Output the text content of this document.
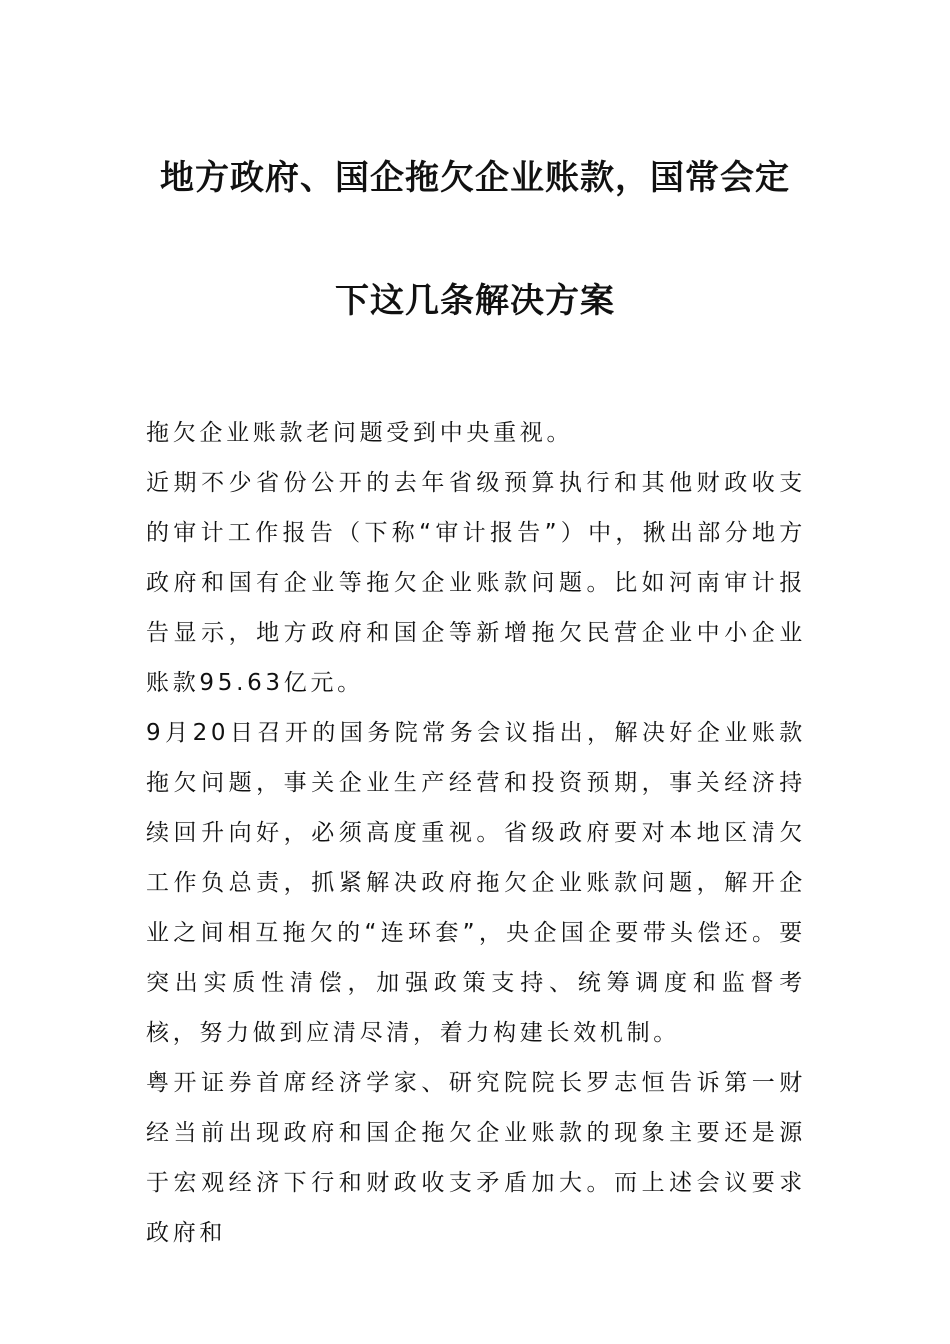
地方政府、国企拖欠企业账款，国常会定
下这几条解决方案

拖欠企业账款老问题受到中央重视。

近期不少省份公开的去年省级预算执行和其他财政收支的审计工作报告（下称“审计报告”）中，揪出部分地方政府和国有企业等拖欠企业账款问题。比如河南审计报告显示，地方政府和国企等新增拖欠民营企业中小企业账款95.63亿元。

9月20日召开的国务院常务会议指出，解决好企业账款拖欠问题，事关企业生产经营和投资预期，事关经济持续回升向好，必须高度重视。省级政府要对本地区清欠工作负总责，抓紧解决政府拖欠企业账款问题，解开企业之间相互拖欠的“连环套”，央企国企要带头偿还。要突出实质性清偿，加强政策支持、统筹调度和监督考核，努力做到应清尽清，着力构建长效机制。

粤开证券首席经济学家、研究院院长罗志恒告诉第一财经当前出现政府和国企拖欠企业账款的现象主要还是源于宏观经济下行和财政收支矛盾加大。而上述会议要求政府和
